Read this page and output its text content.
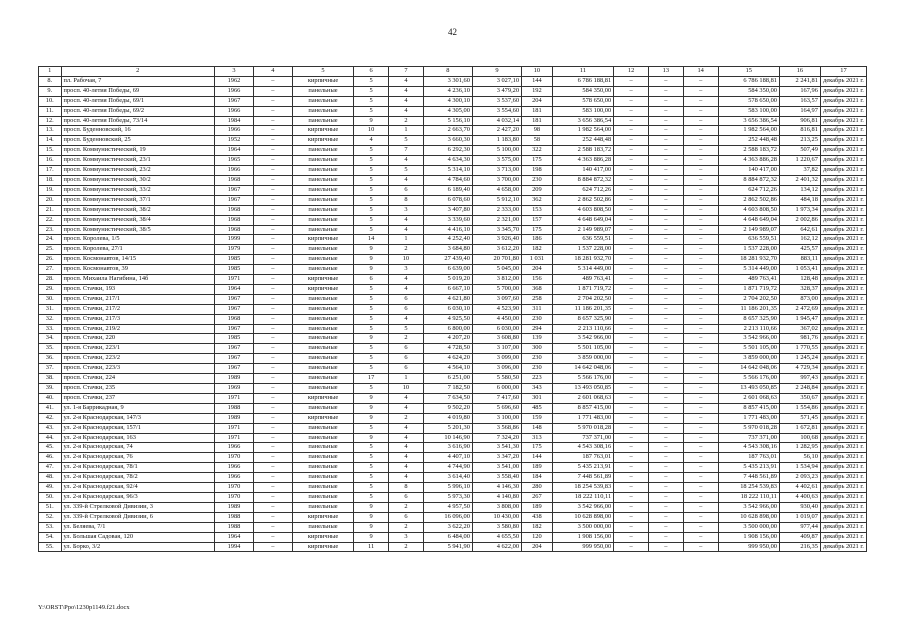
42
1	2	3	4	5	6	7	8	9	10	11	12	13	14	15	16	17
8.	пл. Рабочая, 7	1962	–	кирпичные	5	4	3 301,60	3 027,10	144	6 786 188,81	–	–	–	6 786 188,81	2 241,81	декабрь 2021 г.
9.	просп. 40-летия Победы, 69	1966	–	панельные	5	4	4 236,10	3 479,20	192	584 350,00	–	–	–	584 350,00	167,96	декабрь 2021 г.
10.	просп. 40-летия Победы, 69/1	1967	–	панельные	5	4	4 300,10	3 537,60	204	578 650,00	–	–	–	578 650,00	163,57	декабрь 2021 г.
11.	просп. 40-летия Победы, 69/2	1966	–	панельные	5	4	4 305,00	3 554,60	181	583 100,00	–	–	–	583 100,00	164,97	декабрь 2021 г.
12.	просп. 40-летия Победы, 73/14	1984	–	панельные	9	2	5 156,10	4 032,14	181	3 656 386,54	–	–	–	3 656 386,54	906,81	декабрь 2021 г.
13.	просп. Буденновский, 16	1966	–	кирпичные	10	1	2 663,70	2 427,20	98	1 982 564,00	–	–	–	1 982 564,00	816,81	декабрь 2021 г.
14.	просп. Буденновский, 25	1952	–	кирпичные	4	5	3 660,30	1 183,80	58	252 448,48	–	–	–	252 448,48	213,25	декабрь 2021 г.
15.	просп. Коммунистический, 19	1964	–	панельные	5	7	6 292,30	5 100,00	322	2 588 183,72	–	–	–	2 588 183,72	507,49	декабрь 2021 г.
16.	просп. Коммунистический, 23/1	1965	–	панельные	5	4	4 634,30	3 575,00	175	4 363 886,28	–	–	–	4 363 886,28	1 220,67	декабрь 2021 г.
17.	просп. Коммунистический, 23/2	1966	–	панельные	5	5	5 314,10	3 713,00	198	140 417,00	–	–	–	140 417,00	37,82	декабрь 2021 г.
18.	просп. Коммунистический, 30/2	1968	–	панельные	5	4	4 784,60	3 700,00	230	8 884 872,32	–	–	–	8 884 872,32	2 401,32	декабрь 2021 г.
19.	просп. Коммунистический, 33/2	1967	–	панельные	5	6	6 189,40	4 658,00	209	624 712,26	–	–	–	624 712,26	134,12	декабрь 2021 г.
20.	просп. Коммунистический, 37/1	1967	–	панельные	5	8	6 078,60	5 912,10	362	2 862 502,86	–	–	–	2 862 502,86	484,18	декабрь 2021 г.
21.	просп. Коммунистический, 38/2	1968	–	панельные	5	3	3 407,80	2 333,00	153	4 603 808,50	–	–	–	4 603 808,50	1 973,34	декабрь 2021 г.
22.	просп. Коммунистический, 38/4	1968	–	панельные	5	4	3 339,60	2 321,00	157	4 648 649,04	–	–	–	4 648 649,04	2 002,86	декабрь 2021 г.
23.	просп. Коммунистический, 38/5	1968	–	панельные	5	4	4 416,10	3 345,70	175	2 149 989,07	–	–	–	2 149 989,07	642,61	декабрь 2021 г.
24.	просп. Королева, 1/5	1999	–	кирпичные	14	1	4 252,40	3 926,40	186	636 559,51	–	–	–	636 559,51	162,12	декабрь 2021 г.
25.	просп. Королева, 27/1	1979	–	панельные	9	2	3 684,80	3 612,20	182	1 537 228,00	–	–	–	1 537 228,00	425,57	декабрь 2021 г.
26.	просп. Космонавтов, 14/15	1985	–	панельные	9	10	27 439,40	20 701,80	1 031	18 281 932,70	–	–	–	18 281 932,70	883,11	декабрь 2021 г.
27.	просп. Космонавтов, 39	1985	–	панельные	9	3	6 639,00	5 045,00	204	5 314 449,00	–	–	–	5 314 449,00	1 053,41	декабрь 2021 г.
28.	просп. Михаила Нагибина, 14б	1971	–	кирпичные	6	4	5 019,20	3 812,00	156	489 763,41	–	–	–	489 763,41	128,48	декабрь 2021 г.
29.	просп. Стачки, 193	1964	–	кирпичные	5	4	6 667,10	5 700,00	368	1 871 719,72	–	–	–	1 871 719,72	328,37	декабрь 2021 г.
30.	просп. Стачки, 217/1	1967	–	панельные	5	6	4 621,80	3 097,60	258	2 704 202,50	–	–	–	2 704 202,50	873,00	декабрь 2021 г.
31.	просп. Стачки, 217/2	1967	–	панельные	5	6	6 030,10	4 523,90	311	11 186 201,35	–	–	–	11 186 201,35	2 472,69	декабрь 2021 г.
32.	просп. Стачки, 217/3	1968	–	панельные	5	4	4 925,50	4 450,00	230	8 657 325,90	–	–	–	8 657 325,90	1 945,47	декабрь 2021 г.
33.	просп. Стачки, 219/2	1967	–	панельные	5	5	6 800,00	6 030,00	294	2 213 110,66	–	–	–	2 213 110,66	367,02	декабрь 2021 г.
34.	просп. Стачки, 220	1985	–	панельные	9	2	4 207,20	3 608,80	139	3 542 966,00	–	–	–	3 542 966,00	981,76	декабрь 2021 г.
35.	просп. Стачки, 223/1	1967	–	панельные	5	6	4 728,50	3 107,00	300	5 501 105,00	–	–	–	5 501 105,00	1 770,55	декабрь 2021 г.
36.	просп. Стачки, 223/2	1967	–	панельные	5	6	4 624,20	3 099,00	230	3 859 000,00	–	–	–	3 859 000,00	1 245,24	декабрь 2021 г.
37.	просп. Стачки, 223/3	1967	–	панельные	5	6	4 564,10	3 096,00	230	14 642 048,06	–	–	–	14 642 048,06	4 729,34	декабрь 2021 г.
38.	просп. Стачки, 224	1989	–	панельные	17	1	6 251,00	5 580,50	223	5 566 176,00	–	–	–	5 566 176,00	997,43	декабрь 2021 г.
39.	просп. Стачки, 235	1969	–	панельные	5	10	7 182,50	6 000,00	343	13 493 050,85	–	–	–	13 493 050,85	2 248,84	декабрь 2021 г.
40.	просп. Стачки, 237	1971	–	кирпичные	9	4	7 634,50	7 417,60	301	2 601 068,63	–	–	–	2 601 068,63	350,67	декабрь 2021 г.
41.	ул. 1-я Баррикадная, 9	1988	–	панельные	9	4	9 502,20	5 696,60	485	8 857 415,00	–	–	–	8 857 415,00	1 554,86	декабрь 2021 г.
42.	ул. 2-я Краснодарская, 147/3	1989	–	кирпичные	9	2	4 019,80	3 100,00	159	1 771 483,00	–	–	–	1 771 483,00	571,45	декабрь 2021 г.
43.	ул. 2-я Краснодарская, 157/1	1971	–	панельные	5	4	5 201,30	3 568,86	148	5 970 018,28	–	–	–	5 970 018,28	1 672,81	декабрь 2021 г.
44.	ул. 2-я Краснодарская, 163	1971	–	панельные	9	4	10 146,90	7 324,20	313	737 371,00	–	–	–	737 371,00	100,68	декабрь 2021 г.
45.	ул. 2-я Краснодарская, 74	1966	–	панельные	5	4	3 616,90	3 541,30	175	4 543 308,16	–	–	–	4 543 308,16	1 282,95	декабрь 2021 г.
46.	ул. 2-я Краснодарская, 76	1970	–	панельные	5	4	4 407,10	3 347,20	144	187 763,01	–	–	–	187 763,01	56,10	декабрь 2021 г.
47.	ул. 2-я Краснодарская, 78/1	1966	–	панельные	5	4	4 744,90	3 541,00	189	5 435 213,91	–	–	–	5 435 213,91	1 534,94	декабрь 2021 г.
48.	ул. 2-я Краснодарская, 78/2	1966	–	панельные	5	4	3 614,40	3 558,40	184	7 448 561,89	–	–	–	7 448 561,89	2 093,23	декабрь 2021 г.
49.	ул. 2-я Краснодарская, 92/4	1970	–	панельные	5	8	5 996,10	4 146,30	280	18 254 539,83	–	–	–	18 254 539,83	4 402,61	декабрь 2021 г.
50.	ул. 2-я Краснодарская, 96/3	1970	–	панельные	5	6	5 973,30	4 140,80	267	18 222 110,11	–	–	–	18 222 110,11	4 400,63	декабрь 2021 г.
51.	ул. 339-й Стрелковой Дивизии, 3	1989	–	панельные	9	2	4 957,50	3 808,00	189	3 542 966,00	–	–	–	3 542 966,00	930,40	декабрь 2021 г.
52.	ул. 339-й Стрелковой Дивизии, 6	1988	–	кирпичные	9	6	16 096,00	10 430,00	438	10 628 898,00	–	–	–	10 628 898,00	1 019,07	декабрь 2021 г.
53.	ул. Беляева, 7/1	1988	–	панельные	9	2	3 622,20	3 580,80	182	3 500 000,00	–	–	–	3 500 000,00	977,44	декабрь 2021 г.
54.	ул. Большая Садовая, 120	1964	–	кирпичные	9	3	6 484,00	4 655,50	120	1 908 156,00	–	–	–	1 908 156,00	409,87	декабрь 2021 г.
55.	ул. Борко, 3/2	1994	–	кирпичные	11	2	5 941,90	4 622,00	204	999 950,00	–	–	–	999 950,00	216,35	декабрь 2021 г.
Y:\ORST\Ppo\1230p1149.f21.docx
